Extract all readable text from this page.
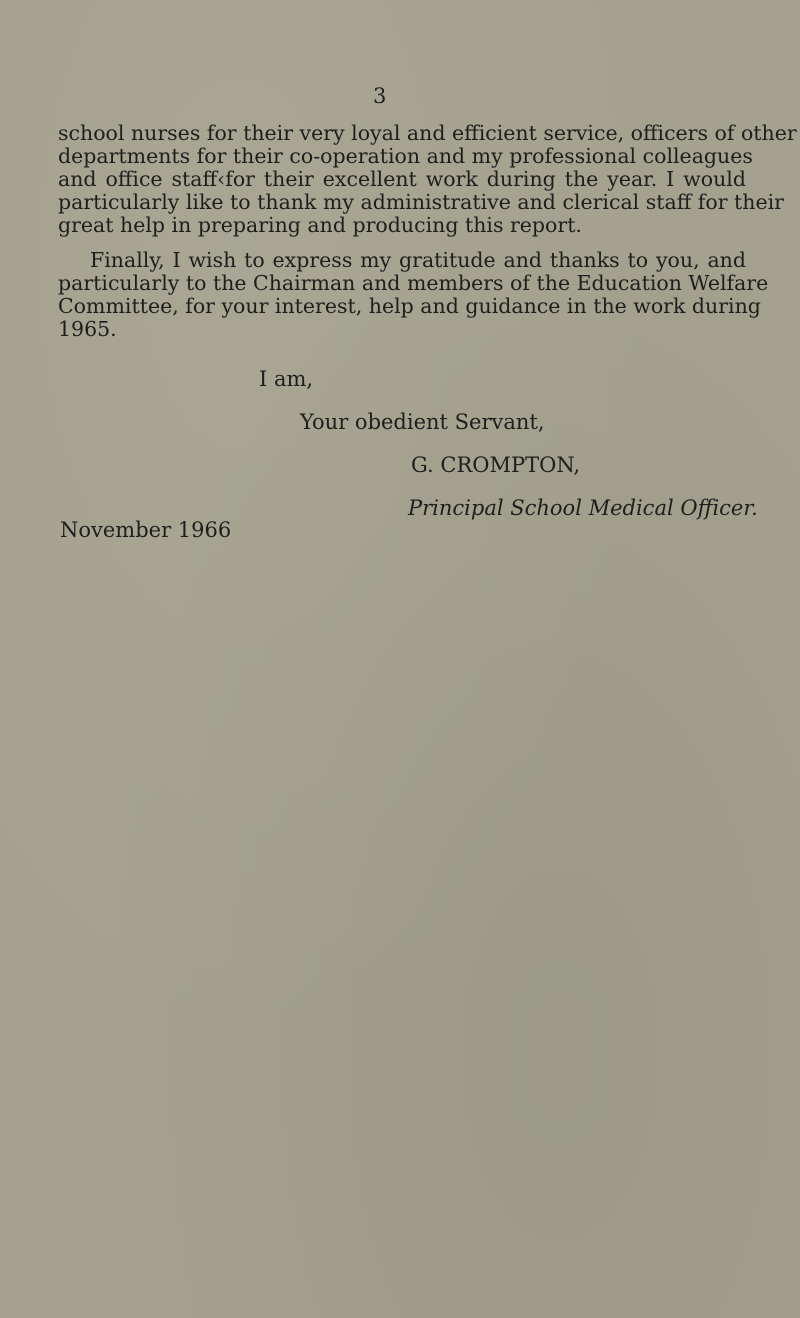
3

school nurses for their very loyal and efficient service, officers of other
departments for their co-operation and my professional colleagues
and office staff‹for their excellent work during the year. I would
particularly like to thank my administrative and clerical staff for their
great help in preparing and producing this report.

Finally, I wish to express my gratitude and thanks to you, and
particularly to the Chairman and members of the Education Welfare
Committee, for your interest, help and guidance in the work during
1965.

I am,
Your obedient Servant,
G. CROMPTON,
Principal School Medical Officer.
November 1966
